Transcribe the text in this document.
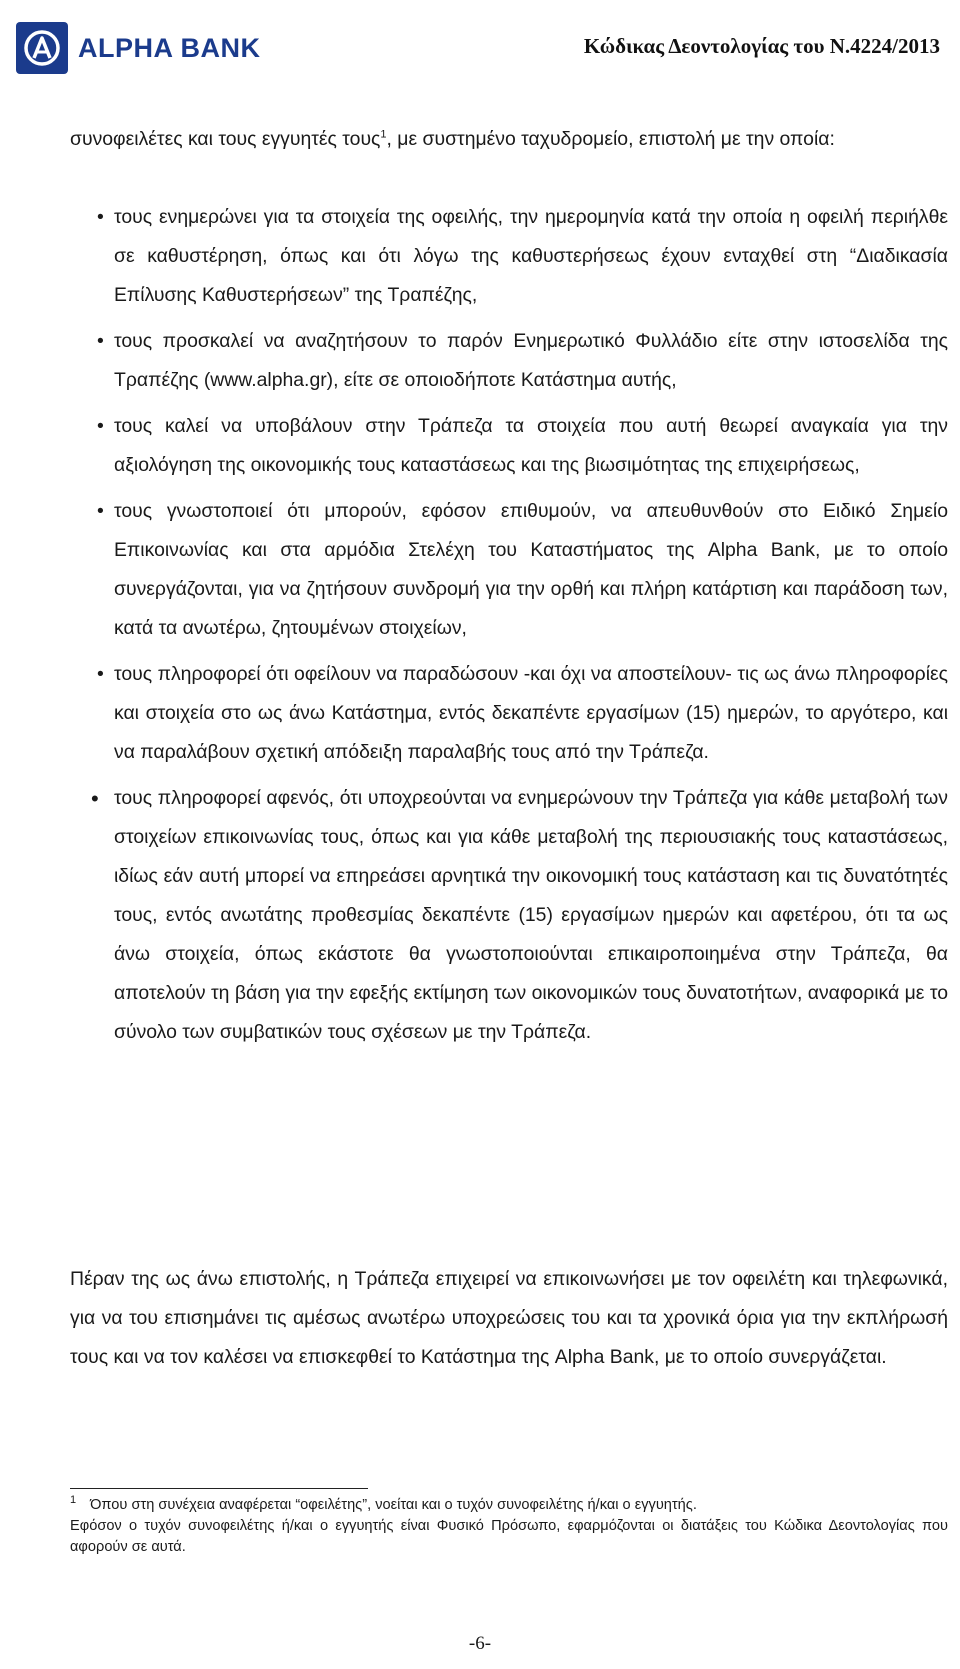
ALPHA BANK	Κώδικας Δεοντολογίας του Ν.4224/2013
συνοφειλέτες και τους εγγυητές τους$^1$, με συστημένο ταχυδρομείο, επιστολή με την οποία:
• τους ενημερώνει για τα στοιχεία της οφειλής, την ημερομηνία κατά την οποία η οφειλή περιήλθε σε καθυστέρηση, όπως και ότι λόγω της καθυστερήσεως έχουν ενταχθεί στη “Διαδικασία Επίλυσης Καθυστερήσεων” της Τραπέζης,
• τους προσκαλεί να αναζητήσουν το παρόν Ενημερωτικό Φυλλάδιο είτε στην ιστοσελίδα της Τραπέζης (www.alpha.gr), είτε σε οποιοδήποτε Κατάστημα αυτής,
• τους καλεί να υποβάλουν στην Τράπεζα τα στοιχεία που αυτή θεωρεί αναγκαία για την αξιολόγηση της οικονομικής τους καταστάσεως και της βιωσιμότητας της επιχειρήσεως,
• τους γνωστοποιεί ότι μπορούν, εφόσον επιθυμούν, να απευθυνθούν στο Ειδικό Σημείο Επικοινωνίας και στα αρμόδια Στελέχη του Καταστήματος της Alpha Bank, με το οποίο συνεργάζονται, για να ζητήσουν συνδρομή για την ορθή και πλήρη κατάρτιση και παράδοση των, κατά τα ανωτέρω, ζητουμένων στοιχείων,
• τους πληροφορεί ότι οφείλουν να παραδώσουν -και όχι να αποστείλουν- τις ως άνω πληροφορίες και στοιχεία στο ως άνω Κατάστημα, εντός δεκαπέντε εργασίμων (15) ημερών, το αργότερο, και να παραλάβουν σχετική απόδειξη παραλαβής τους από την Τράπεζα.
• τους πληροφορεί αφενός, ότι υποχρεούνται να ενημερώνουν την Τράπεζα για κάθε μεταβολή των στοιχείων επικοινωνίας τους, όπως και για κάθε μεταβολή της περιουσιακής τους καταστάσεως, ιδίως εάν αυτή μπορεί να επηρεάσει αρνητικά την οικονομική τους κατάσταση και τις δυνατότητές τους, εντός ανωτάτης προθεσμίας δεκαπέντε (15) εργασίμων ημερών και αφετέρου, ότι τα ως άνω στοιχεία, όπως εκάστοτε θα γνωστοποιούνται επικαιροποιημένα στην Τράπεζα, θα αποτελούν τη βάση για την εφεξής εκτίμηση των οικονομικών τους δυνατοτήτων, αναφορικά με το σύνολο των συμβατικών τους σχέσεων με την Τράπεζα.
Πέραν της ως άνω επιστολής, η Τράπεζα επιχειρεί να επικοινωνήσει με τον οφειλέτη και τηλεφωνικά, για να του επισημάνει τις αμέσως ανωτέρω υποχρεώσεις του και τα χρονικά όρια για την εκπλήρωσή τους και να τον καλέσει να επισκεφθεί το Κατάστημα της Alpha Bank, με το οποίο συνεργάζεται.
$^1$ Όπου στη συνέχεια αναφέρεται “οφειλέτης”, νοείται και ο τυχόν συνοφειλέτης ή/και ο εγγυητής.
Εφόσον ο τυχόν συνοφειλέτης ή/και ο εγγυητής είναι Φυσικό Πρόσωπο, εφαρμόζονται οι διατάξεις του Κώδικα Δεοντολογίας που αφορούν σε αυτά.
-6-
